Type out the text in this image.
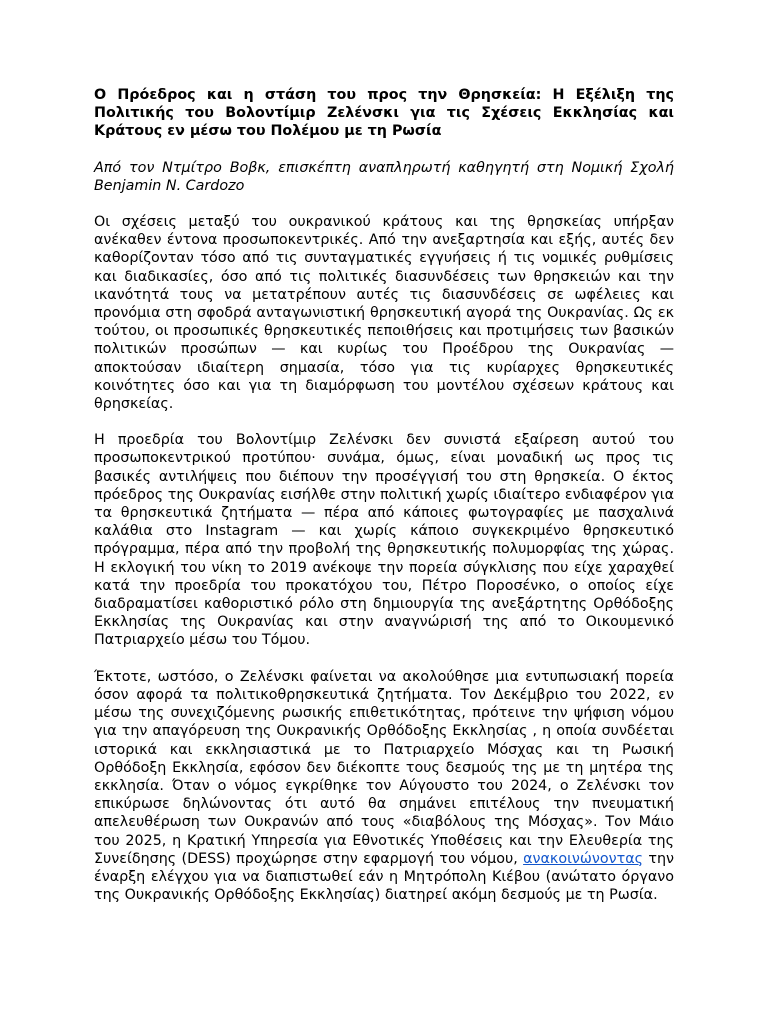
Ο Πρόεδρος και η στάση του προς την Θρησκεία: Η Εξέλιξη της Πολιτικής του Βολοντίμιρ Ζελένσκι για τις Σχέσεις Εκκλησίας και Κράτους εν μέσω του Πολέμου με τη Ρωσία

Από τον Ντμίτρο Βοβκ, επισκέπτη αναπληρωτή καθηγητή στη Νομική Σχολή Benjamin N. Cardozo

Οι σχέσεις μεταξύ του ουκρανικού κράτους και της θρησκείας υπήρξαν ανέκαθεν έντονα προσωποκεντρικές. Από την ανεξαρτησία και εξής, αυτές δεν καθορίζονταν τόσο από τις συνταγματικές εγγυήσεις ή τις νομικές ρυθμίσεις και διαδικασίες, όσο από τις πολιτικές διασυνδέσεις των θρησκειών και την ικανότητά τους να μετατρέπουν αυτές τις διασυνδέσεις σε ωφέλειες και προνόμια στη σφοδρά ανταγωνιστική θρησκευτική αγορά της Ουκρανίας. Ως εκ τούτου, οι προσωπικές θρησκευτικές πεποιθήσεις και προτιμήσεις των βασικών πολιτικών προσώπων — και κυρίως του Προέδρου της Ουκρανίας — αποκτούσαν ιδιαίτερη σημασία, τόσο για τις κυρίαρχες θρησκευτικές κοινότητες όσο και για τη διαμόρφωση του μοντέλου σχέσεων κράτους και θρησκείας.

Η προεδρία του Βολοντίμιρ Ζελένσκι δεν συνιστά εξαίρεση αυτού του προσωποκεντρικού προτύπου· συνάμα, όμως, είναι μοναδική ως προς τις βασικές αντιλήψεις που διέπουν την προσέγγισή του στη θρησκεία. Ο έκτος πρόεδρος της Ουκρανίας εισήλθε στην πολιτική χωρίς ιδιαίτερο ενδιαφέρον για τα θρησκευτικά ζητήματα — πέρα από κάποιες φωτογραφίες με πασχαλινά καλάθια στο Instagram — και χωρίς κάποιο συγκεκριμένο θρησκευτικό πρόγραμμα, πέρα από την προβολή της θρησκευτικής πολυμορφίας της χώρας. Η εκλογική του νίκη το 2019 ανέκοψε την πορεία σύγκλισης που είχε χαραχθεί κατά την προεδρία του προκατόχου του, Πέτρο Ποροσένκο, ο οποίος είχε διαδραματίσει καθοριστικό ρόλο στη δημιουργία της ανεξάρτητης Ορθόδοξης Εκκλησίας της Ουκρανίας και στην αναγνώρισή της από το Οικουμενικό Πατριαρχείο μέσω του Τόμου.

Έκτοτε, ωστόσο, ο Ζελένσκι φαίνεται να ακολούθησε μια εντυπωσιακή πορεία όσον αφορά τα πολιτικοθρησκευτικά ζητήματα. Τον Δεκέμβριο του 2022, εν μέσω της συνεχιζόμενης ρωσικής επιθετικότητας, πρότεινε την ψήφιση νόμου για την απαγόρευση της Ουκρανικής Ορθόδοξης Εκκλησίας , η οποία συνδέεται ιστορικά και εκκλησιαστικά με το Πατριαρχείο Μόσχας και τη Ρωσική Ορθόδοξη Εκκλησία, εφόσον δεν διέκοπτε τους δεσμούς της με τη μητέρα της εκκλησία. Όταν ο νόμος εγκρίθηκε τον Αύγουστο του 2024, ο Ζελένσκι τον επικύρωσε δηλώνοντας ότι αυτό θα σημάνει επιτέλους την πνευματική απελευθέρωση των Ουκρανών από τους «διαβόλους της Μόσχας». Τον Μάιο του 2025, η Κρατική Υπηρεσία για Εθνοτικές Υποθέσεις και την Ελευθερία της Συνείδησης (DESS) προχώρησε στην εφαρμογή του νόμου, ανακοινώνοντας την έναρξη ελέγχου για να διαπιστωθεί εάν η Μητρόπολη Κιέβου (ανώτατο όργανο της Ουκρανικής Ορθόδοξης Εκκλησίας) διατηρεί ακόμη δεσμούς με τη Ρωσία.
